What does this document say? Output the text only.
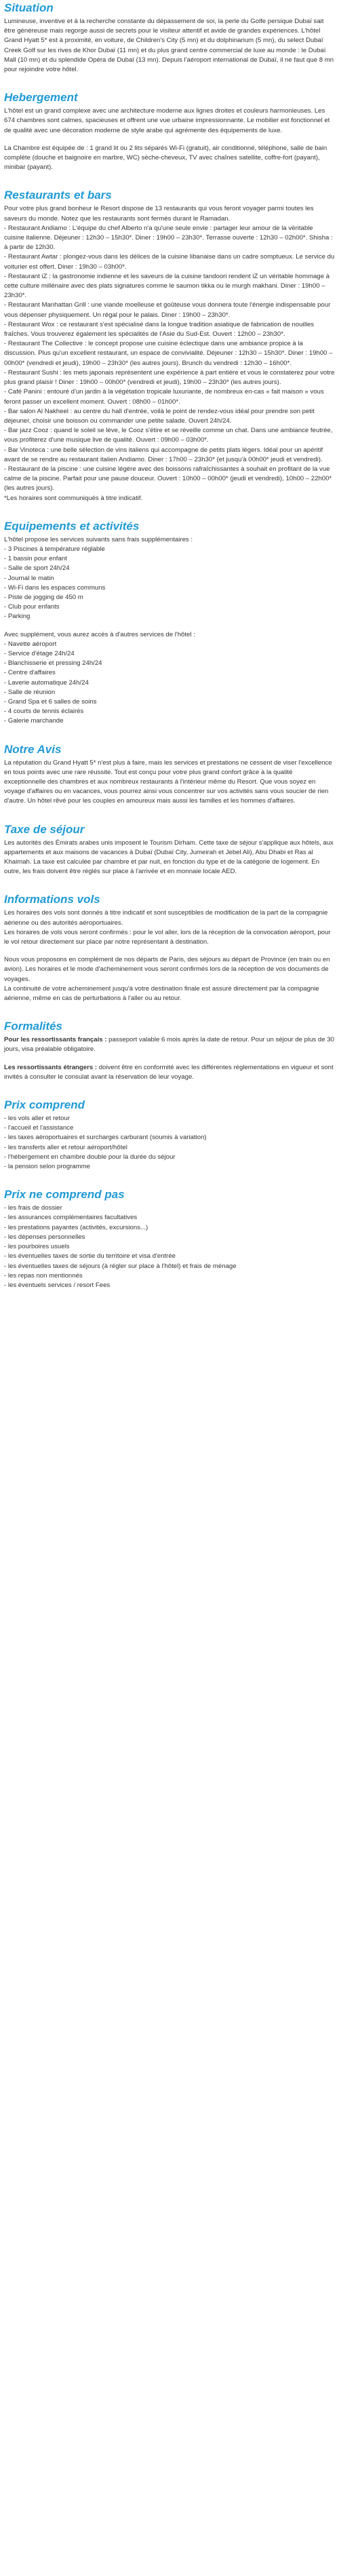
Situation

Lumineuse, inventive et à la recherche constante du dépassement de soi, la perle du Golfe persique Dubaï sait être généreuse mais regorge aussi de secrets pour le visiteur attentif et avide de grandes expériences. L'hôtel Grand Hyatt 5* est à proximité, en voiture, de Children's City (5 mn) et du dolphinarium (5 mn), du select Dubaï Creek Golf sur les rives de Khor Dubaï (11 mn) et du plus grand centre commercial de luxe au monde : le Dubaï Mall (10 mn) et du splendide Opéra de Dubaï (13 mn). Depuis l'aéroport international de Dubaï, il ne faut que 8 mn pour rejoindre votre hôtel.

Hebergement

L'hôtel est un grand complexe avec une architecture moderne aux lignes droites et couleurs harmonieuses. Les 674 chambres sont calmes, spacieuses et offrent une vue urbaine impressionnante. Le mobilier est fonctionnel et de qualité avec une décoration moderne de style arabe qui agrémente des équipements de luxe.

La Chambre est équipée de : 1 grand lit ou 2 lits séparés Wi-Fi (gratuit), air conditionné, téléphone, salle de bain complète (douche et baignoire en marbre, WC) sèche-cheveux, TV avec chaînes satellite, coffre-fort (payant), minibar (payant).

Restaurants et bars
Pour votre plus grand bonheur le Resort dispose de 13 restaurants qui vous feront voyager parmi toutes les saveurs du monde. Notez que les restaurants sont fermés durant le Ramadan.
- Restaurant Andiamo : L'équipe du chef Alberto n'a qu'une seule envie : partager leur amour de la véritable cuisine italienne. Déjeuner : 12h30 – 15h30*. Diner : 19h00 – 23h30*. Terrasse ouverte : 12h30 – 02h00*. Shisha : à partir de 12h30.
- Restaurant Awtar : plongez-vous dans les délices de la cuisine libanaise dans un cadre somptueux. Le service du voiturier est offert. Diner : 19h30 – 03h00*.
- Restaurant iZ : la gastronomie indienne et les saveurs de la cuisine tandoori rendent iZ un véritable hommage à cette culture millénaire avec des plats signatures comme le saumon tikka ou le murgh makhani. Diner : 19h00 – 23h30*.
- Restaurant Manhattan Grill : une viande moelleuse et goûteuse vous donnera toute l'énergie indispensable pour vous dépenser physiquement. Un régal pour le palais. Diner : 19h00 – 23h30*.
- Restaurant Wox : ce restaurant s'est spécialisé dans la longue tradition asiatique de fabrication de nouilles fraîches. Vous trouverez également les spécialités de l'Asie du Sud-Est. Ouvert : 12h00 – 23h30*.
- Restaurant The Collective : le concept propose une cuisine éclectique dans une ambiance propice à la discussion. Plus qu'un excellent restaurant, un espace de convivialité. Déjeuner : 12h30 – 15h30*. Diner : 19h00 – 00h00* (vendredi et jeudi), 19h00 – 23h30* (les autres jours). Brunch du vendredi : 12h30 – 16h00*.
- Restaurant Sushi : les mets japonais représentent une expérience à part entière et vous le constaterez pour votre plus grand plaisir ! Diner : 19h00 – 00h00* (vendredi et jeudi), 19h00 – 23h30* (les autres jours).
- Café Panini : entouré d'un jardin à la végétation tropicale luxuriante, de nombreux en-cas « fait maison » vous feront passer un excellent moment. Ouvert : 08h00 – 01h00*.
- Bar salon Al Nakheel : au centre du hall d'entrée, voilà le point de rendez-vous idéal pour prendre son petit déjeuner, choisir une boisson ou commander une petite salade. Ouvert 24h/24.
- Bar jazz Cooz : quand le soleil se lève, le Cooz s'étire et se réveille comme un chat. Dans une ambiance feutrée, vous profiterez d'une musique live de qualité. Ouvert : 09h00 – 03h00*.
- Bar Vinoteca : une belle sélection de vins italiens qui accompagne de petits plats légers. Idéal pour un apéritif avant de se rendre au restaurant italien Andiamo. Diner : 17h00 – 23h30* (et jusqu'à 00h00* jeudi et vendredi).
- Restaurant de la piscine : une cuisine légère avec des boissons rafraîchissantes à souhait en profitant de la vue calme de la piscine. Parfait pour une pause douceur. Ouvert : 10h00 – 00h00* (jeudi et vendredi), 10h00 – 22h00* (les autres jours).
*Les horaires sont communiqués à titre indicatif.
Equipements et activités
L'hôtel propose les services suivants sans frais supplémentaires :
- 3 Piscines à température réglable
- 1 bassin pour enfant
- Salle de sport 24h/24
- Journal le matin
- Wi-Fi dans les espaces communs
- Piste de jogging de 450 m
- Club pour enfants
- Parking
Avec supplément, vous aurez accès à d'autres services de l'hôtel :
- Navette aéroport
- Service d'étage 24h/24
- Blanchisserie et pressing 24h/24
- Centre d'affaires
- Laverie automatique 24h/24
- Salle de réunion
- Grand Spa et 6 salles de soins
- 4 courts de tennis éclairés
- Galerie marchande
Notre Avis

La réputation du Grand Hyatt 5* n'est plus à faire, mais les services et prestations ne cessent de viser l'excellence en tous points avec une rare réussite. Tout est conçu pour votre plus grand confort grâce à la qualité exceptionnelle des chambres et aux nombreux restaurants à l'intérieur même du Resort. Que vous soyez en voyage d'affaires ou en vacances, vous pourrez ainsi vous concentrer sur vos activités sans vous soucier de rien d'autre. Un hôtel rêvé pour les couples en amoureux mais aussi les familles et les hommes d'affaires.

Taxe de séjour

Les autorités des Émirats arabes unis imposent le Tourism Dirham. Cette taxe de séjour s'applique aux hôtels, aux appartements et aux maisons de vacances à Dubaï (Dubaï City, Jumeirah et Jebel Ali), Abu Dhabi et Ras al Khaimah. La taxe est calculée par chambre et par nuit, en fonction du type et de la catégorie de logement. En outre, les frais doivent être réglés sur place à l'arrivée et en monnaie locale AED.

Informations vols
Les horaires des vols sont donnés à titre indicatif et sont susceptibles de modification de la part de la compagnie aérienne ou des autorités aéroportuaires.
Les horaires de vols vous seront confirmés : pour le vol aller, lors de la réception de la convocation aéroport, pour le vol retour directement sur place par notre représentant à destination.
Nous vous proposons en complément de nos départs de Paris, des séjours au départ de Province (en train ou en avion). Les horaires et le mode d'acheminement vous seront confirmés lors de la réception de vos documents de voyages.
La continuité de votre acheminement jusqu'à votre destination finale est assuré directement par la compagnie aérienne, même en cas de perturbations à l'aller ou au retour.
Formalités

Pour les ressortissants français : passeport valable 6 mois après la date de retour. Pour un séjour de plus de 30 jours, visa préalable obligatoire.

Les ressortissants étrangers : doivent être en conformité avec les différentes réglementations en vigueur et sont invités à consulter le consulat avant la réservation de leur voyage.

Prix comprend
- les vols aller et retour
- l'accueil et l'assistance
- les taxes aéroportuaires et surcharges carburant (soumis à variation)
- les transferts aller et retour aéroport/hôtel
- l'hébergement en chambre double pour la durée du séjour
- la pension selon programme
Prix ne comprend pas
- les frais de dossier
- les assurances complémentaires facultatives
- les prestations payantes (activités, excursions...)
- les dépenses personnelles
- les pourboires usuels
- les éventuelles taxes de sortie du territoire et visa d'entrée
- les éventuelles taxes de séjours (à régler sur place à l'hôtel) et frais de ménage
- les repas non mentionnés
- les éventuels services / resort Fees
